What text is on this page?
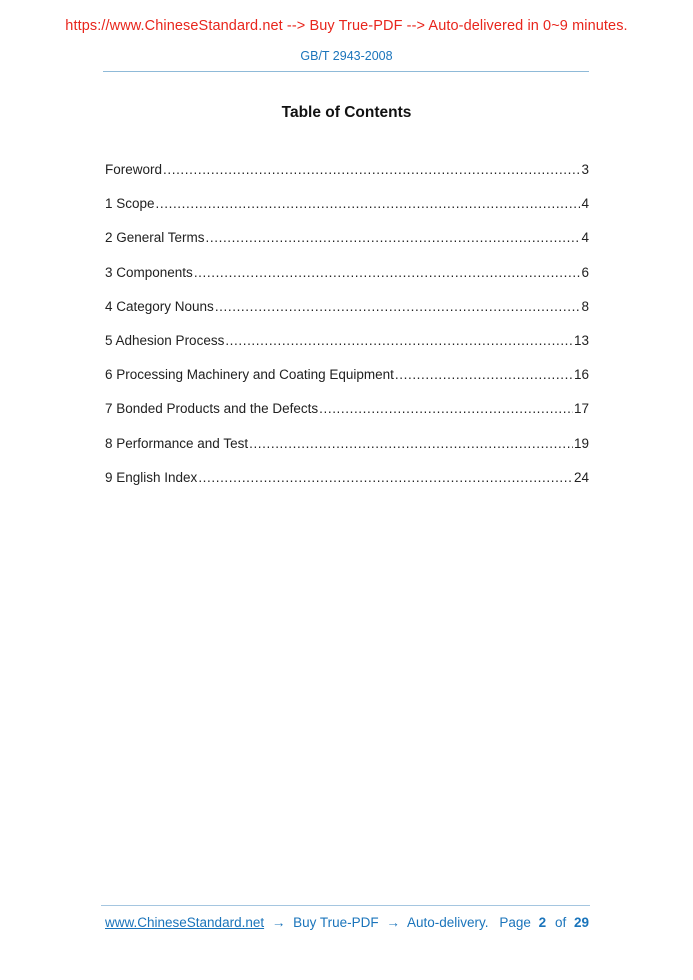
https://www.ChineseStandard.net --> Buy True-PDF --> Auto-delivered in 0~9 minutes.
GB/T 2943-2008
Table of Contents
Foreword .....	3
1 Scope .....	4
2 General Terms .....	4
3 Components .....	6
4 Category Nouns .....	8
5 Adhesion Process .....	13
6 Processing Machinery and Coating Equipment .....	16
7 Bonded Products and the Defects .....	17
8 Performance and Test .....	19
9 English Index .....	24
www.ChineseStandard.net → Buy True-PDF → Auto-delivery. Page 2 of 29
